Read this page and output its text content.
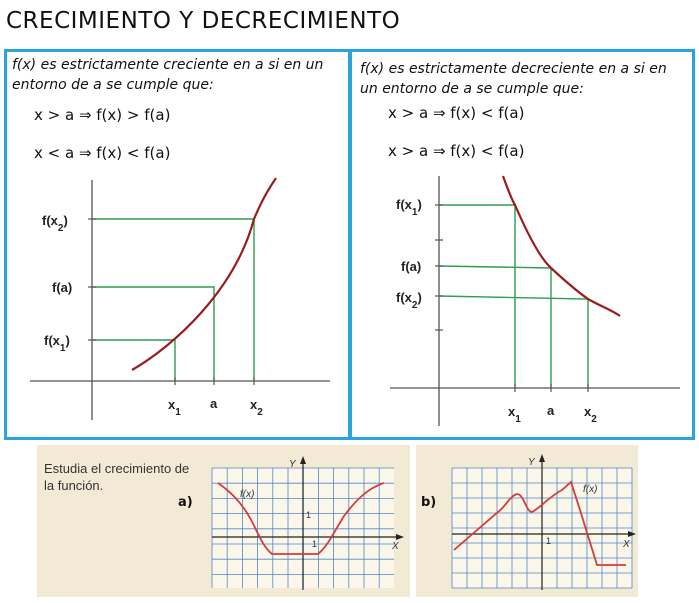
CRECIMIENTO Y DECRECIMIENTO

f(x) es estrictamente creciente en a si en un entorno de a se cumple que:

x > a ⇒ f(x) > f(a)

x < a ⇒ f(x) < f(a)

$f(x_2)$
f(a)
$f(x_1)$
$x_1$
a	$x_2$

f(x) es estrictamente decreciente en a si en un entorno de a se cumple que:

x > a ⇒ f(x) < f(a)

x > a ⇒ f(x) < f(a)

$f(x_1)$
f(a)
$f(x_2)$
$x_1$
a $x_2$

Estudia el crecimiento de la función.

a)	b)
f(x)
Y
X
1
1
f(x)
Y
X
1
